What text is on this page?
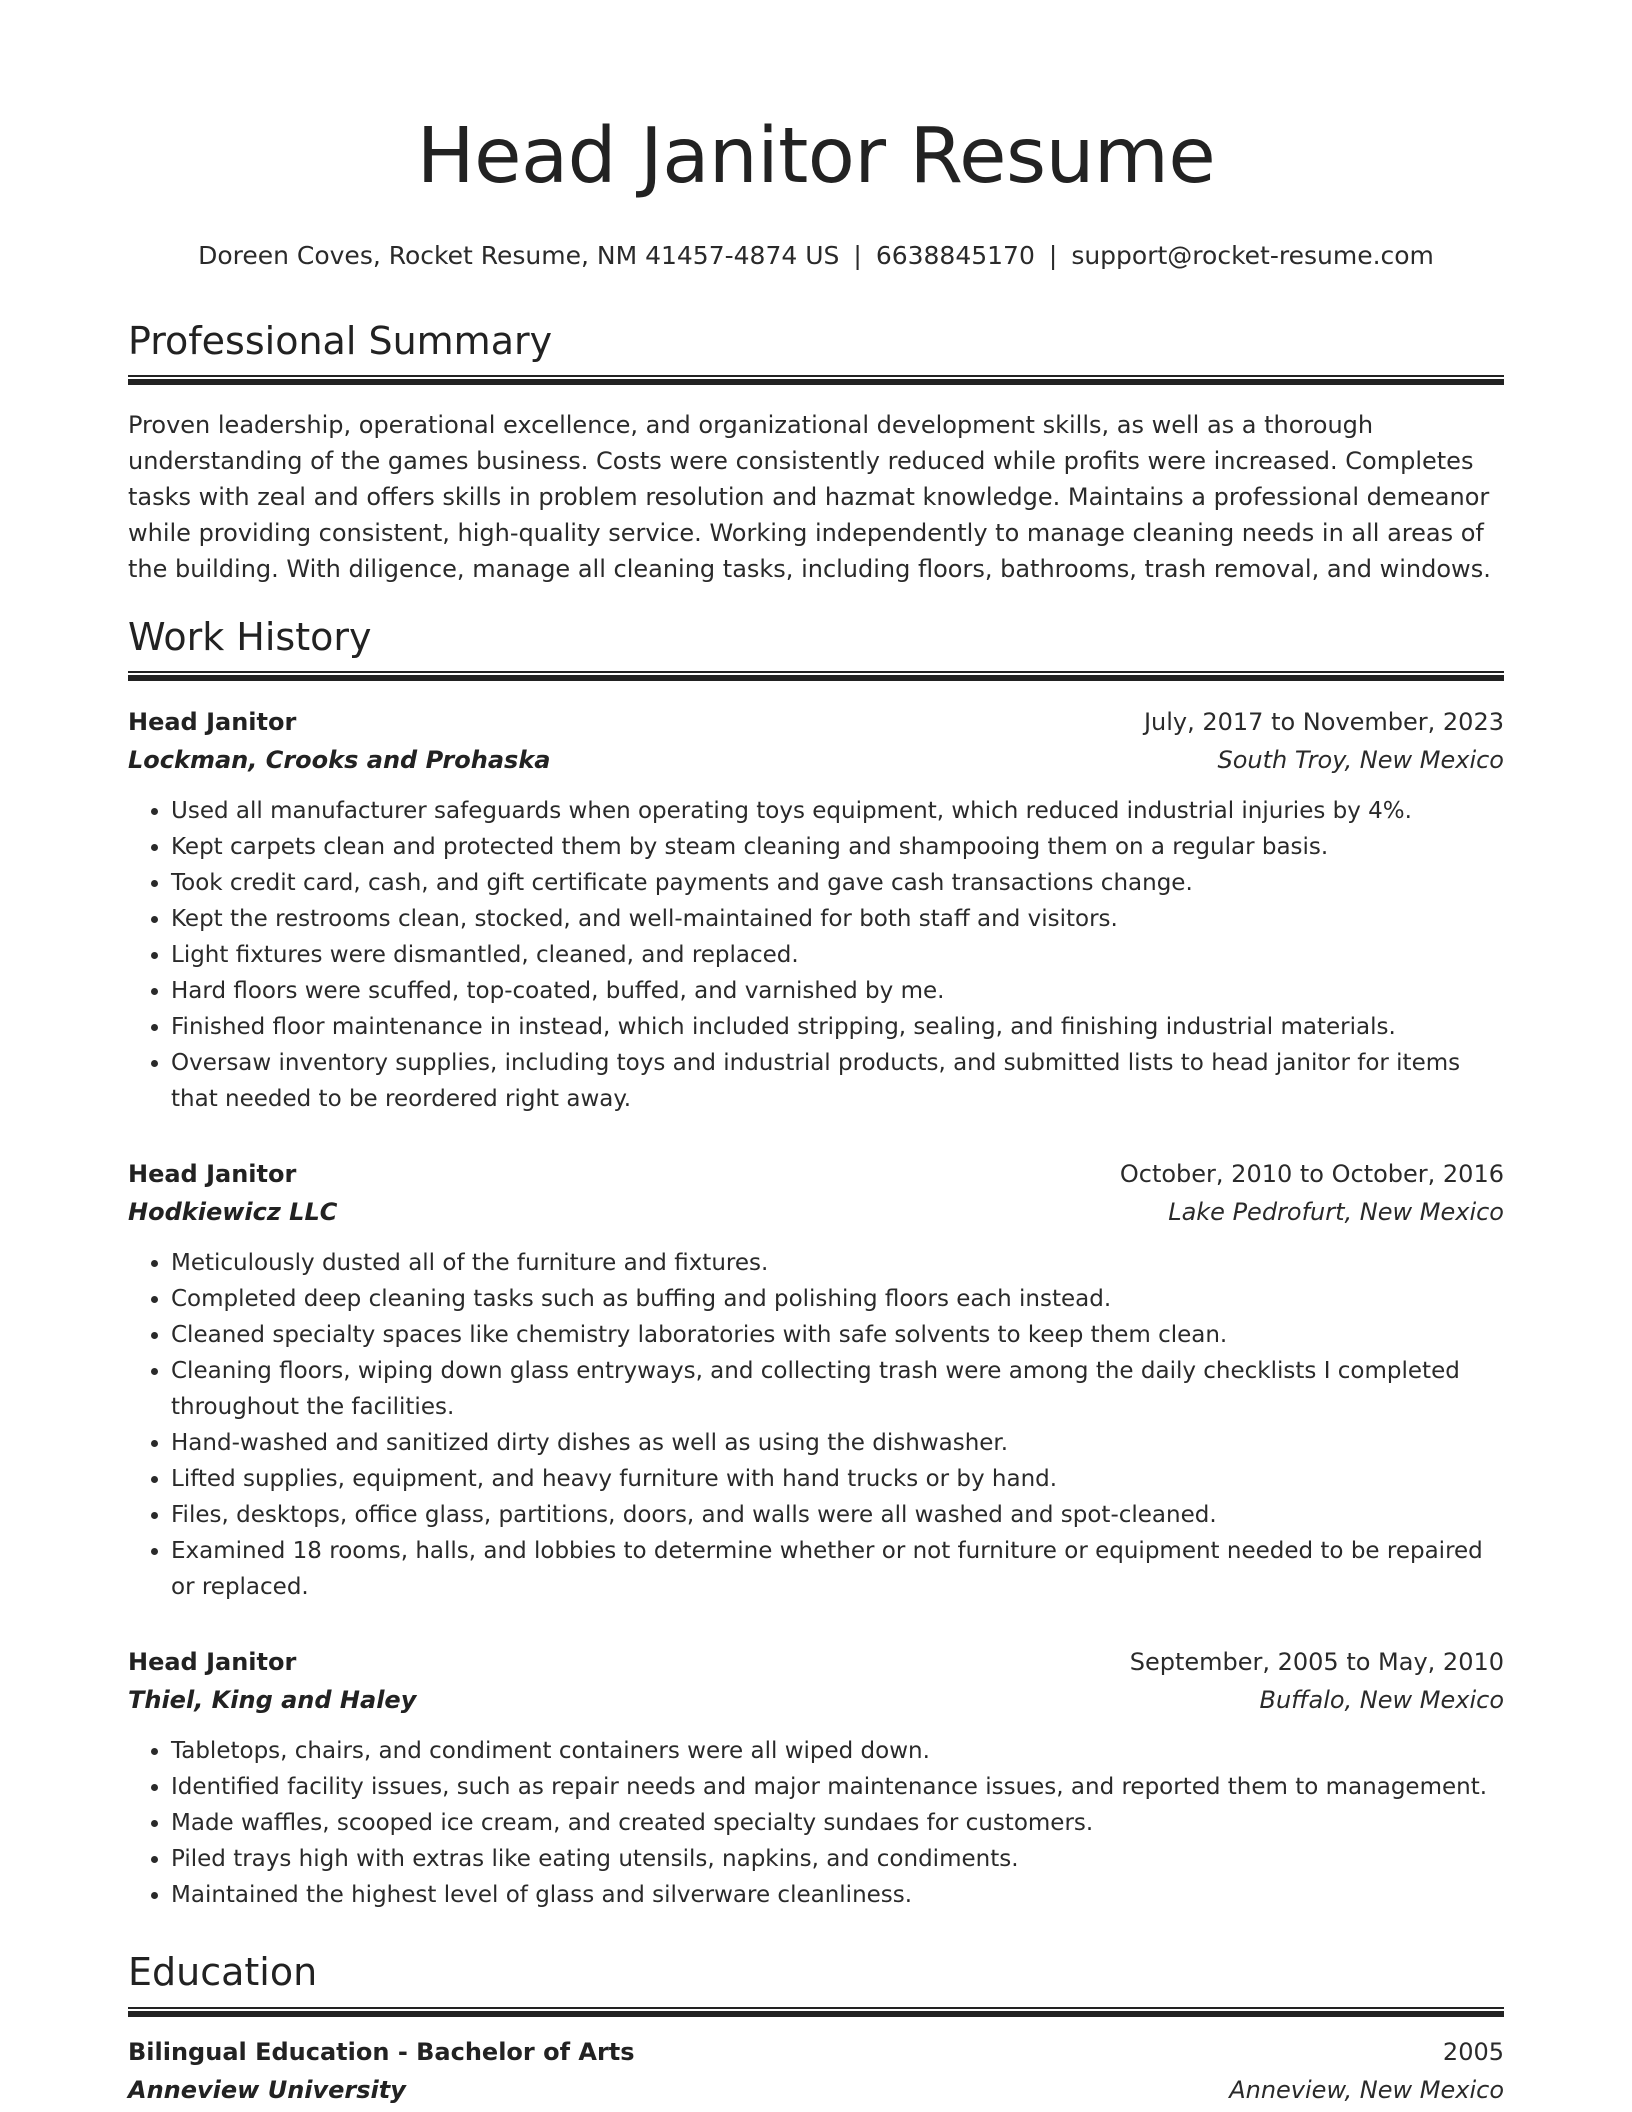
Head Janitor Resume
Doreen Coves, Rocket Resume, NM 41457-4874 US | 6638845170 | support@rocket-resume.com
Professional Summary

Proven leadership, operational excellence, and organizational development skills, as well as a thorough understanding of the games business. Costs were consistently reduced while profits were increased. Completes tasks with zeal and offers skills in problem resolution and hazmat knowledge. Maintains a professional demeanor while providing consistent, high-quality service. Working independently to manage cleaning needs in all areas of the building. With diligence, manage all cleaning tasks, including floors, bathrooms, trash removal, and windows.

Work History
Head Janitor	July, 2017 to November, 2023
Lockman, Crooks and Prohaska	South Troy, New Mexico
• Used all manufacturer safeguards when operating toys equipment, which reduced industrial injuries by 4%.
• Kept carpets clean and protected them by steam cleaning and shampooing them on a regular basis.
• Took credit card, cash, and gift certificate payments and gave cash transactions change.
• Kept the restrooms clean, stocked, and well-maintained for both staff and visitors.
• Light fixtures were dismantled, cleaned, and replaced.
• Hard floors were scuffed, top-coated, buffed, and varnished by me.
• Finished floor maintenance in instead, which included stripping, sealing, and finishing industrial materials.
• Oversaw inventory supplies, including toys and industrial products, and submitted lists to head janitor for items that needed to be reordered right away.
Head Janitor	October, 2010 to October, 2016
Hodkiewicz LLC	Lake Pedrofurt, New Mexico
• Meticulously dusted all of the furniture and fixtures.
• Completed deep cleaning tasks such as buffing and polishing floors each instead.
• Cleaned specialty spaces like chemistry laboratories with safe solvents to keep them clean.
• Cleaning floors, wiping down glass entryways, and collecting trash were among the daily checklists I completed throughout the facilities.
• Hand-washed and sanitized dirty dishes as well as using the dishwasher.
• Lifted supplies, equipment, and heavy furniture with hand trucks or by hand.
• Files, desktops, office glass, partitions, doors, and walls were all washed and spot-cleaned.
• Examined 18 rooms, halls, and lobbies to determine whether or not furniture or equipment needed to be repaired or replaced.
Head Janitor	September, 2005 to May, 2010
Thiel, King and Haley	Buffalo, New Mexico
• Tabletops, chairs, and condiment containers were all wiped down.
• Identified facility issues, such as repair needs and major maintenance issues, and reported them to management.
• Made waffles, scooped ice cream, and created specialty sundaes for customers.
• Piled trays high with extras like eating utensils, napkins, and condiments.
• Maintained the highest level of glass and silverware cleanliness.
Education
Bilingual Education - Bachelor of Arts	2005
Anneview University	Anneview, New Mexico
